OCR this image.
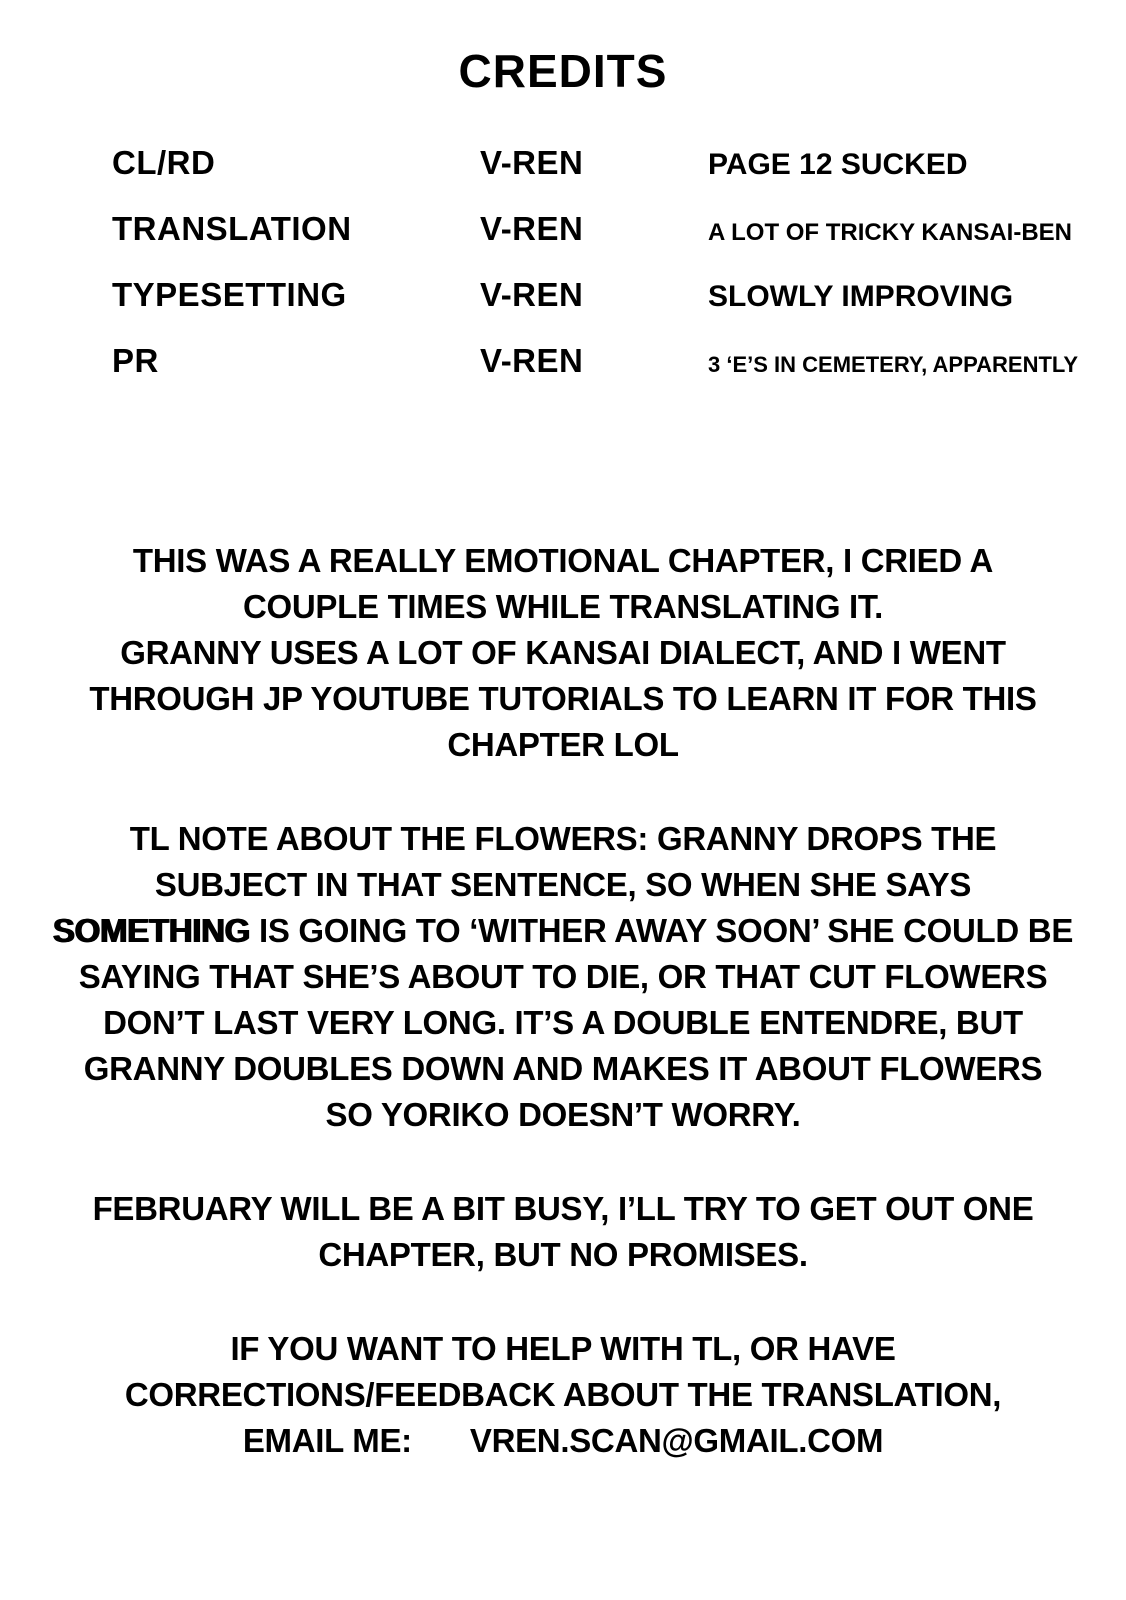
CREDITS
CL/RD	V-REN	PAGE 12 SUCKED
TRANSLATION	V-REN	A LOT OF TRICKY KANSAI-BEN
TYPESETTING	V-REN	SLOWLY IMPROVING
PR	V-REN	3 ‘E’S IN CEMETERY, APPARENTLY
THIS WAS A REALLY EMOTIONAL CHAPTER, I CRIED A
COUPLE TIMES WHILE TRANSLATING IT.
GRANNY USES A LOT OF KANSAI DIALECT, AND I WENT
THROUGH JP YOUTUBE TUTORIALS TO LEARN IT FOR THIS
CHAPTER LOL
TL NOTE ABOUT THE FLOWERS: GRANNY DROPS THE
SUBJECT IN THAT SENTENCE, SO WHEN SHE SAYS
SOMETHING IS GOING TO ‘WITHER AWAY SOON’ SHE COULD BE
SAYING THAT SHE’S ABOUT TO DIE, OR THAT CUT FLOWERS
DON’T LAST VERY LONG. IT’S A DOUBLE ENTENDRE, BUT
GRANNY DOUBLES DOWN AND MAKES IT ABOUT FLOWERS
SO YORIKO DOESN’T WORRY.
FEBRUARY WILL BE A BIT BUSY, I’LL TRY TO GET OUT ONE
CHAPTER, BUT NO PROMISES.
IF YOU WANT TO HELP WITH TL, OR HAVE
CORRECTIONS/FEEDBACK ABOUT THE TRANSLATION,
EMAIL ME: VREN.SCAN@GMAIL.COM
